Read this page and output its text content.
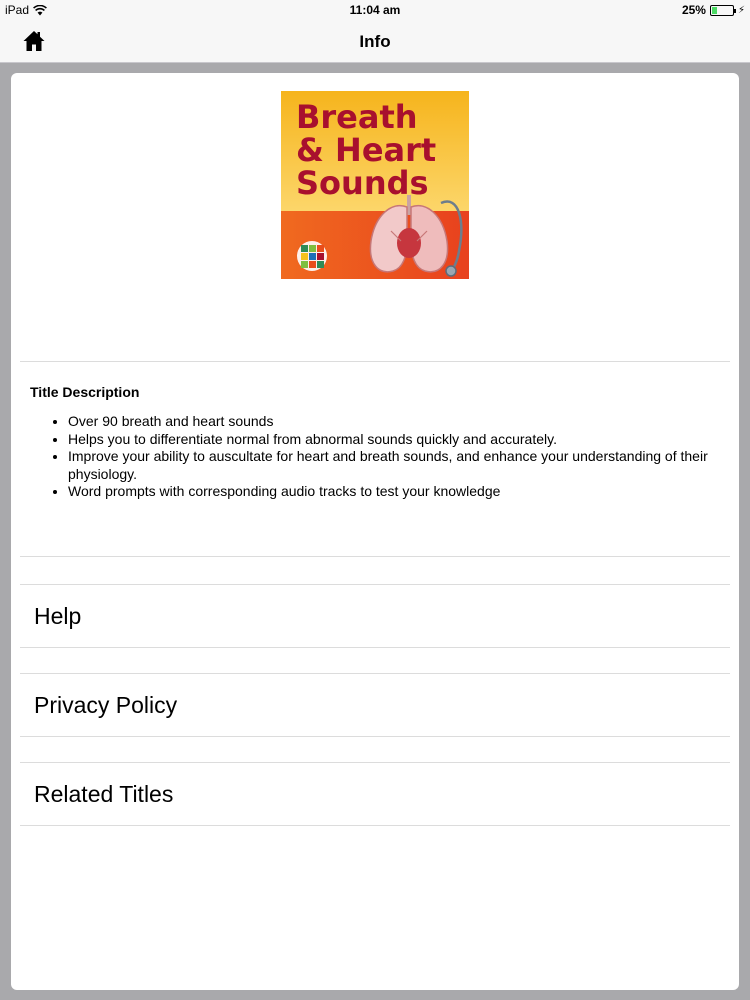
iPad	11:04 am	25%	⚡
Info
Breath
& Heart
Sounds
Title Description
• Over 90 breath and heart sounds
• Helps you to differentiate normal from abnormal sounds quickly and accurately.
• Improve your ability to auscultate for heart and breath sounds, and enhance your understanding of their physiology.
• Word prompts with corresponding audio tracks to test your knowledge
Help
Privacy Policy
Related Titles
